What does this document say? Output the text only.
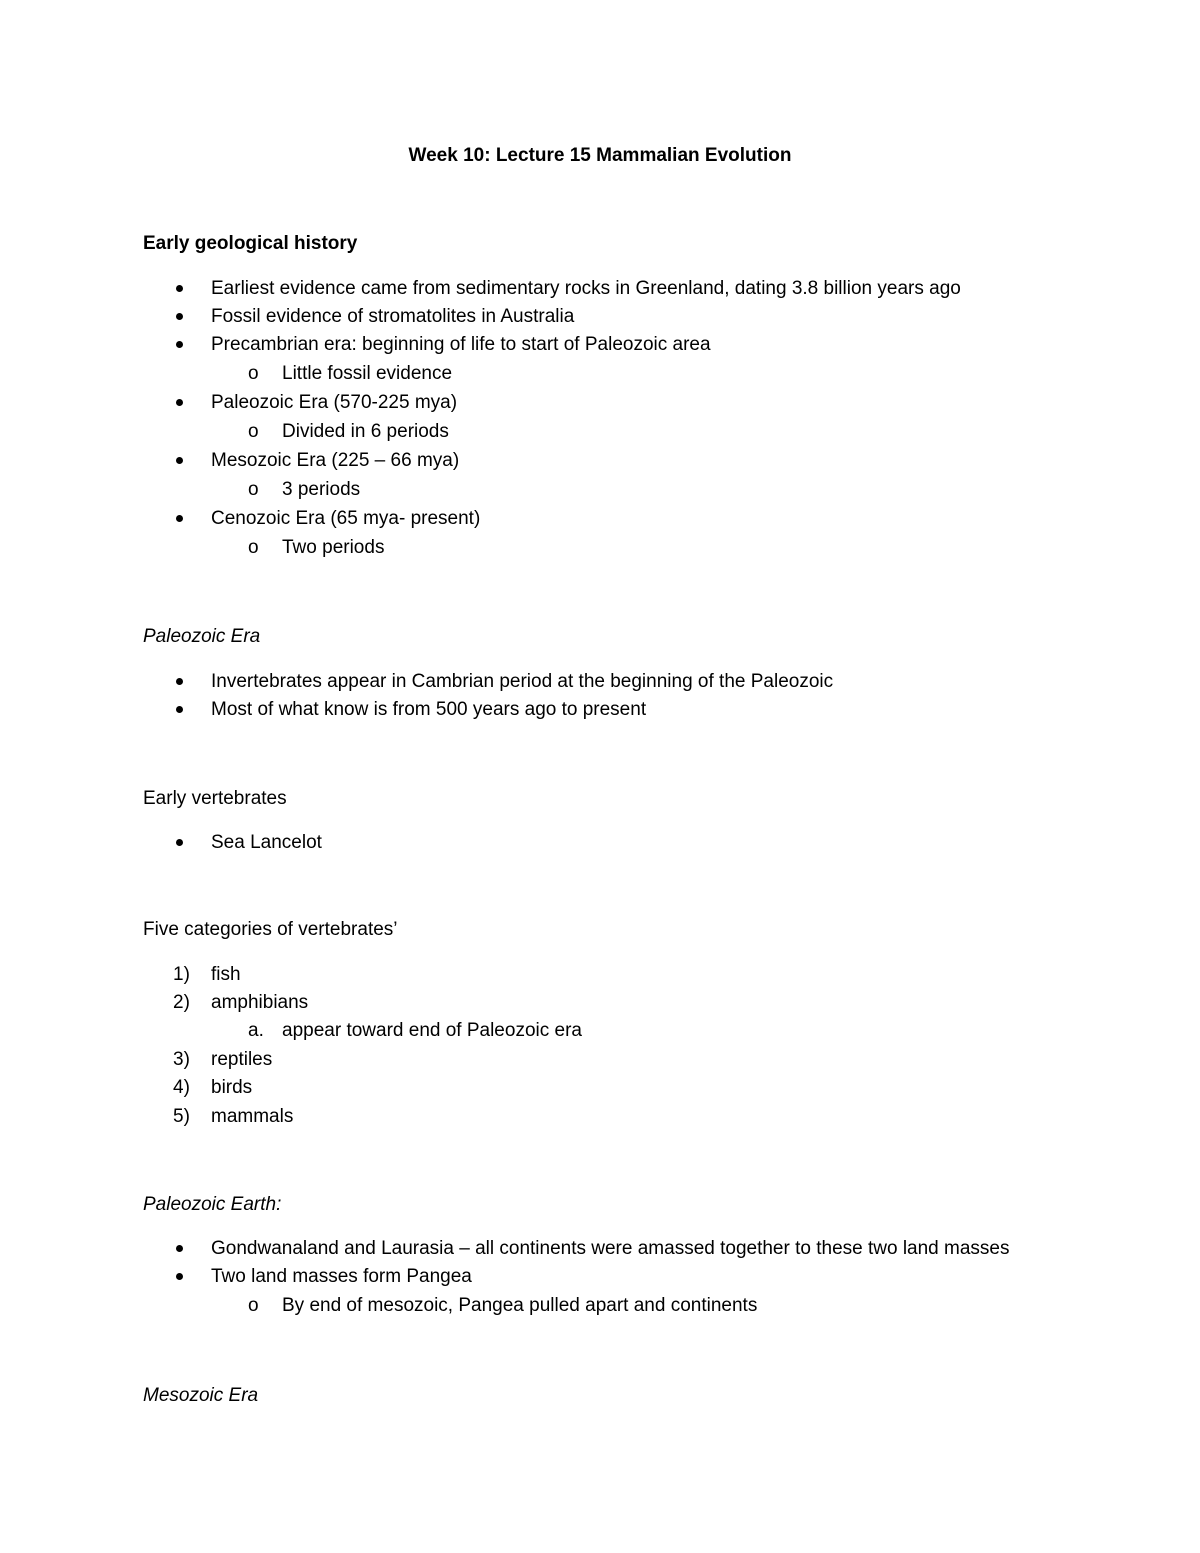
Week 10: Lecture 15 Mammalian Evolution
Early geological history
Earliest evidence came from sedimentary rocks in Greenland, dating 3.8 billion years ago
Fossil evidence of stromatolites in Australia
Precambrian era: beginning of life to start of Paleozoic area
o Little fossil evidence
Paleozoic Era (570-225 mya)
o Divided in 6 periods
Mesozoic Era (225 – 66 mya)
o 3 periods
Cenozoic Era (65 mya- present)
o Two periods
Paleozoic Era
Invertebrates appear in Cambrian period at the beginning of the Paleozoic
Most of what know is from 500 years ago to present
Early vertebrates
Sea Lancelot
Five categories of vertebrates’
1) fish
2) amphibians
a. appear toward end of Paleozoic era
3) reptiles
4) birds
5) mammals
Paleozoic Earth:
Gondwanaland and Laurasia – all continents were amassed together to these two land masses
Two land masses form Pangea
o By end of mesozoic, Pangea pulled apart and continents
Mesozoic Era
